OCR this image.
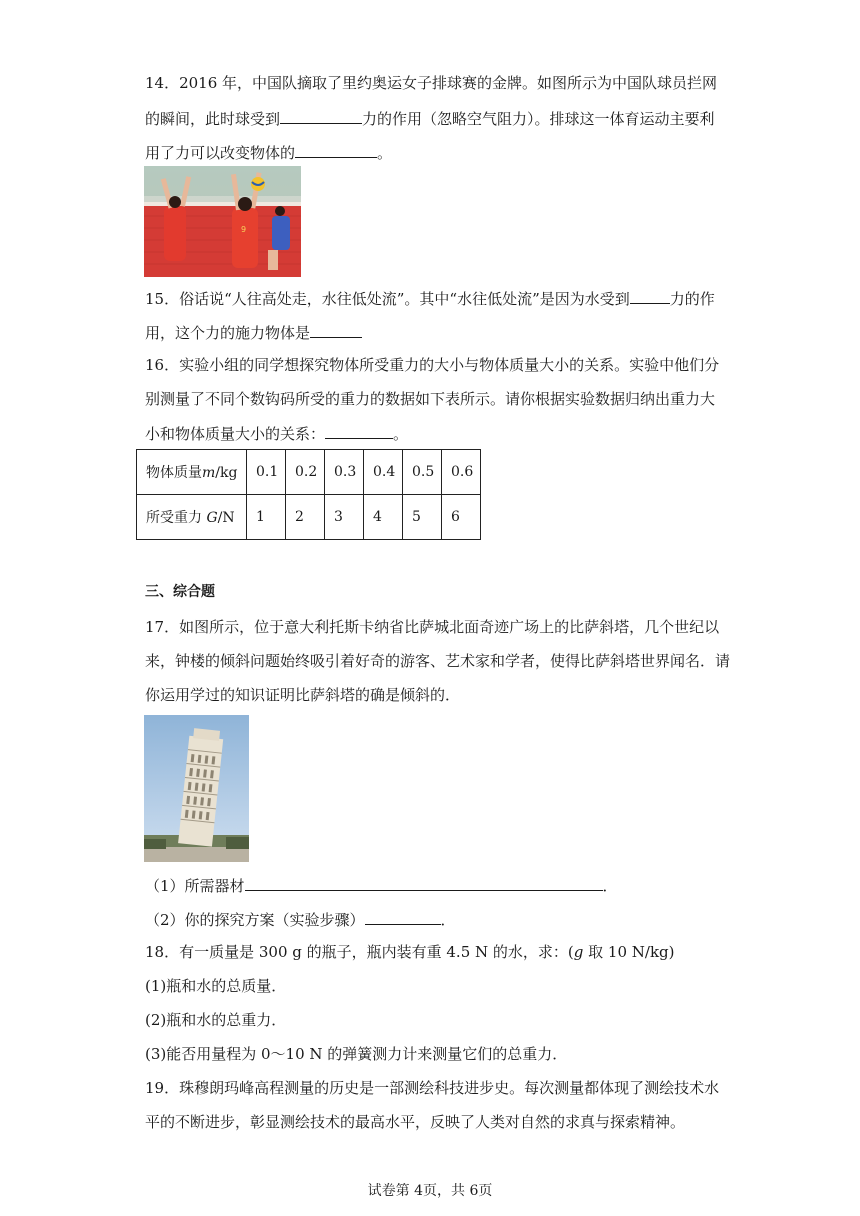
14．2016 年，中国队摘取了里约奥运女子排球赛的金牌。如图所示为中国队球员拦网
的瞬间，此时球受到	力的作用（忽略空气阻力）。排球这一体育运动主要利
用了力可以改变物体的	。
9
15．俗话说“人往高处走，水往低处流”。其中“水往低处流”是因为水受到	力的作
用，这个力的施力物体是
16．实验小组的同学想探究物体所受重力的大小与物体质量大小的关系。实验中他们分
别测量了不同个数钩码所受的重力的数据如下表所示。请你根据实验数据归纳出重力大
小和物体质量大小的关系：	。
物体质量m/kg	0.1	0.2	0.3	0.4	0.5	0.6
所受重力 G/N	1	2	3	4	5	6
三、综合题
17．如图所示，位于意大利托斯卡纳省比萨城北面奇迹广场上的比萨斜塔，几个世纪以
来，钟楼的倾斜问题始终吸引着好奇的游客、艺术家和学者，使得比萨斜塔世界闻名．请
你运用学过的知识证明比萨斜塔的确是倾斜的．
（1）所需器材	．
（2）你的探究方案（实验步骤）	．
18．有一质量是 300 g 的瓶子，瓶内装有重 4.5 N 的水，求：(g 取 10 N/kg)
(1)瓶和水的总质量．
(2)瓶和水的总重力．
(3)能否用量程为 0～10 N 的弹簧测力计来测量它们的总重力．
19．珠穆朗玛峰高程测量的历史是一部测绘科技进步史。每次测量都体现了测绘技术水
平的不断进步，彰显测绘技术的最高水平，反映了人类对自然的求真与探索精神。
试卷第 4页，共 6页
